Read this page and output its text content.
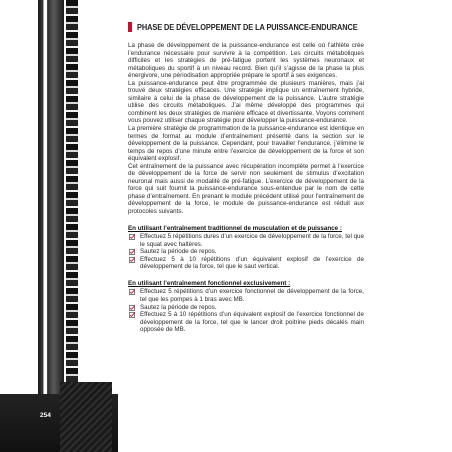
254
PHASE DE DÉVELOPPEMENT DE LA PUISSANCE-ENDURANCE

La phase de développement de la puissance-endurance est celle où l’athlète crée l’endurance nécessaire pour survivre à la compétition. Les circuits métaboliques difficiles et les stratégies de pré-fatigue portent les systèmes neuronaux et métaboliques du sportif à un niveau record. Bien qu’il s’agisse de la phase la plus énergivore, une périodisation appropriée prépare le sportif à ses exigences.

La puissance-endurance peut être programmée de plusieurs manières, mais j’ai trouvé deux stratégies efficaces. Une stratégie implique un entraînement hybride, similaire à celui de la phase de développement de la puissance. L’autre stratégie utilise des circuits métaboliques. J’ai même développé des programmes qui combinent les deux stratégies de manière efficace et divertissante. Voyons comment vous pouvez utiliser chaque stratégie pour développer la puissance-endurance.

La première stratégie de programmation de la puissance-endurance est identique en termes de format au module d’entraînement présenté dans la section sur le développement de la puissance. Cependant, pour travailler l’endurance, j’élimine le temps de repos d’une minute entre l’exercice de développement de la force et son équivalent explosif.

Cet entraînement de la puissance avec récupération incomplète permet à l’exercice de développement de la force de servir non seulement de stimulus d’excitation neuronal mais aussi de modalité de pré-fatigue. L’exercice de développement de la force qui suit fournit la puissance-endurance sous-entendue par le nom de cette phase d’entraînement. En prenant le module précédent utilisé pour l’entraînement de développement de la force, le module de puissance-endurance est réduit aux protocoles suivants.

En utilisant l’entraînement traditionnel de musculation et de puissance :
Effectuez 5 répétitions dures d’un exercice de développement de la force, tel que le squat avec haltères.
Sautez la période de repos.
Effectuez 5 à 10 répétitions d’un équivalent explosif de l’exercice de développement de la force, tel que le saut vertical.
En utilisant l’entraînement fonctionnel exclusivement :
Effectuez 5 répétitions d’un exercice fonctionnel de développement de la force, tel que les pompes à 1 bras avec MB.
Sautez la période de repos.
Effectuez 5 à 10 répétitions d’un équivalent explosif de l’exercice fonctionnel de développement de la force, tel que le lancer droit poitrine pieds décalés main opposée de MB.
